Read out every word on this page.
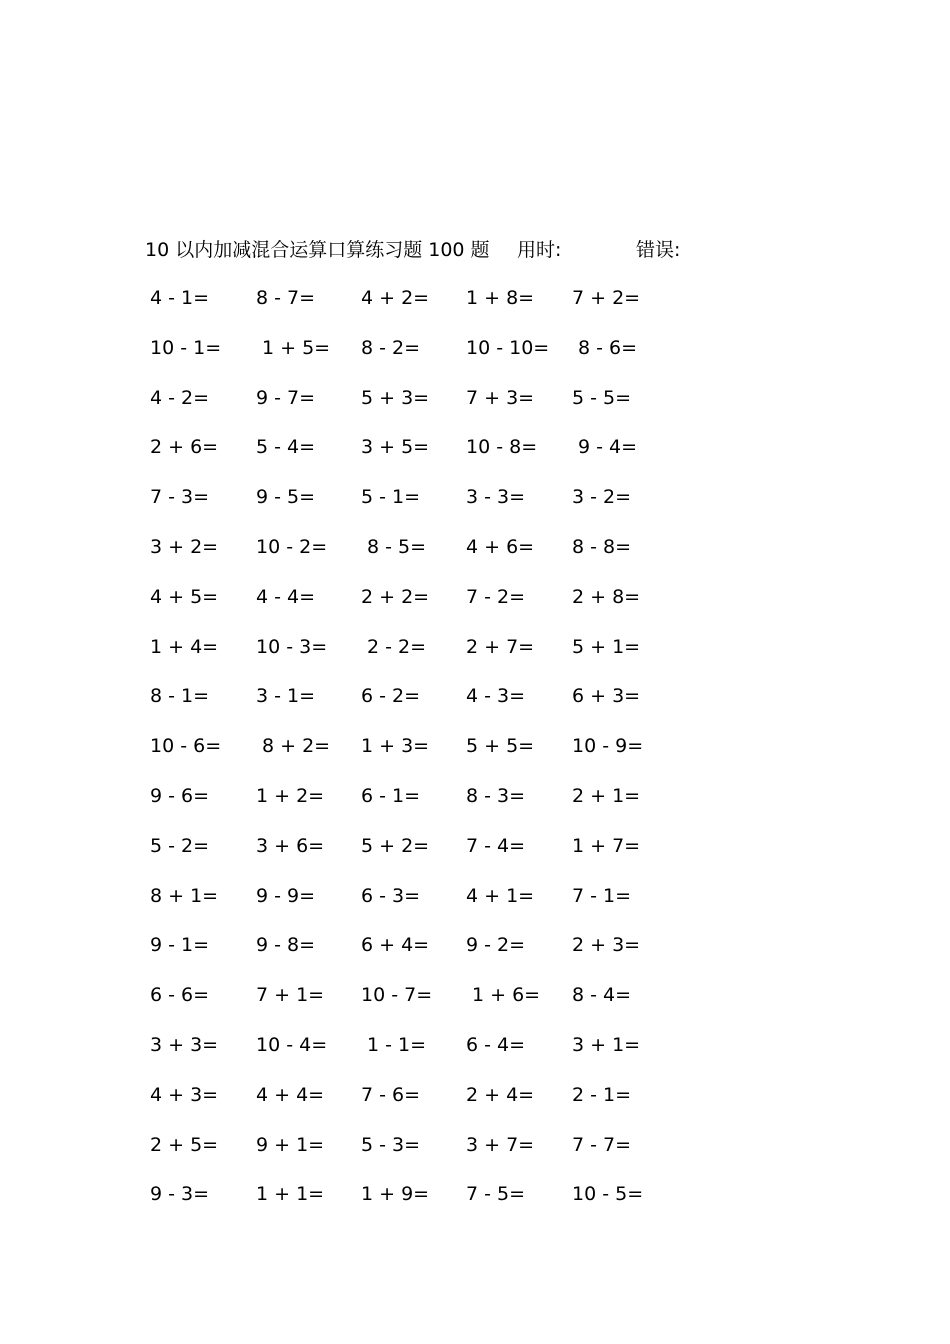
10 以内加减混合运算口算练习题 100 题 用时:	错误:
4 - 1= 8 - 7= 4 + 2= 1 + 8= 7 + 2=
10 - 1= 1 + 5= 8 - 2= 10 - 10= 8 - 6=
4 - 2= 9 - 7= 5 + 3= 7 + 3= 5 - 5=
2 + 6= 5 - 4= 3 + 5= 10 - 8= 9 - 4=
7 - 3= 9 - 5= 5 - 1= 3 - 3= 3 - 2=
3 + 2= 10 - 2= 8 - 5= 4 + 6= 8 - 8=
4 + 5= 4 - 4= 2 + 2= 7 - 2= 2 + 8=
1 + 4= 10 - 3= 2 - 2= 2 + 7= 5 + 1=
8 - 1= 3 - 1= 6 - 2= 4 - 3= 6 + 3=
10 - 6= 8 + 2= 1 + 3= 5 + 5= 10 - 9=
9 - 6= 1 + 2= 6 - 1= 8 - 3= 2 + 1=
5 - 2= 3 + 6= 5 + 2= 7 - 4= 1 + 7=
8 + 1= 9 - 9= 6 - 3= 4 + 1= 7 - 1=
9 - 1= 9 - 8= 6 + 4= 9 - 2= 2 + 3=
6 - 6= 7 + 1= 10 - 7= 1 + 6= 8 - 4=
3 + 3= 10 - 4= 1 - 1= 6 - 4= 3 + 1=
4 + 3= 4 + 4= 7 - 6= 2 + 4= 2 - 1=
2 + 5= 9 + 1= 5 - 3= 3 + 7= 7 - 7=
9 - 3= 1 + 1= 1 + 9= 7 - 5= 10 - 5=
